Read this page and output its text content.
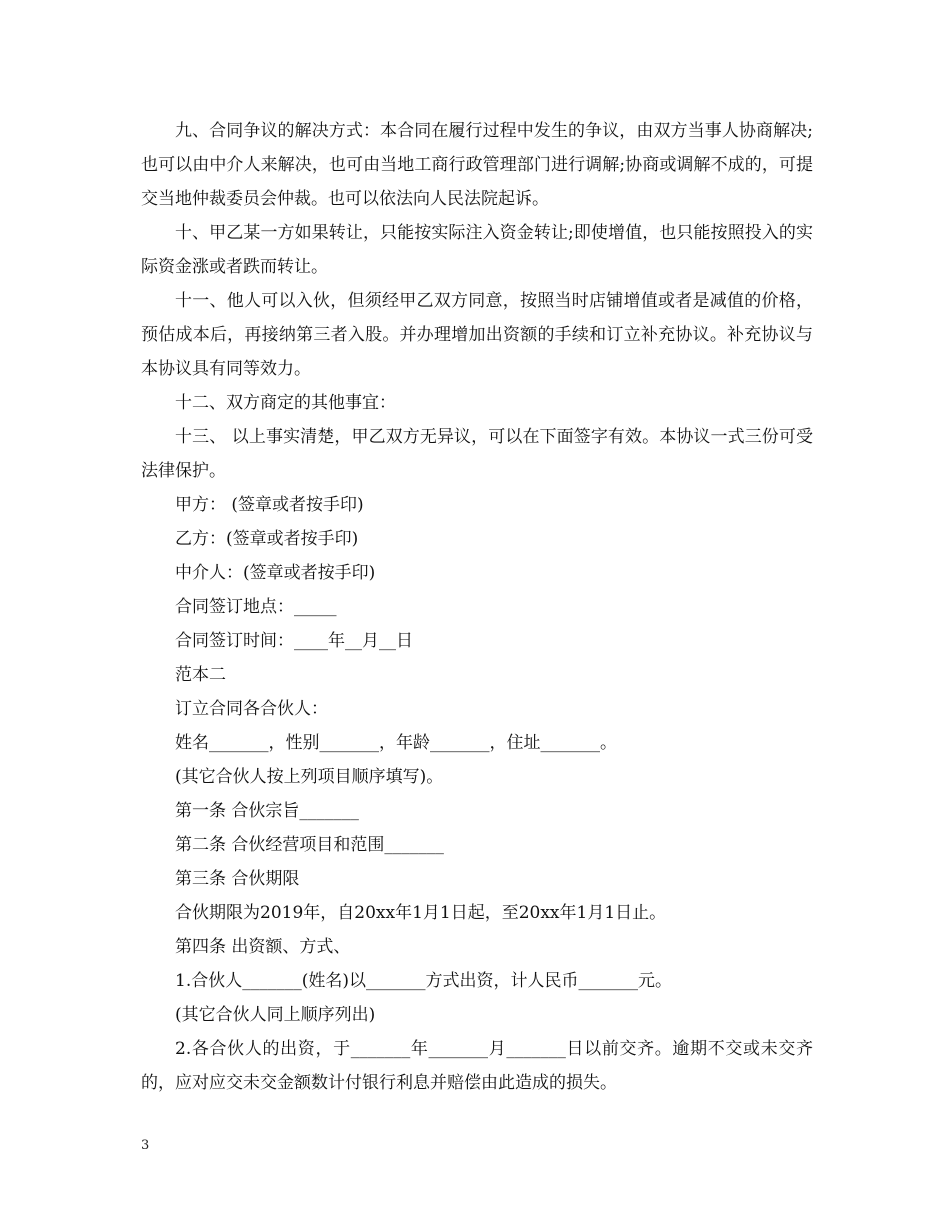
九、合同争议的解决方式：本合同在履行过程中发生的争议，由双方当事人协商解决;也可以由中介人来解决，也可由当地工商行政管理部门进行调解;协商或调解不成的，可提交当地仲裁委员会仲裁。也可以依法向人民法院起诉。

十、甲乙某一方如果转让，只能按实际注入资金转让;即使增值，也只能按照投入的实际资金涨或者跌而转让。

十一、他人可以入伙，但须经甲乙双方同意，按照当时店铺增值或者是减值的价格，预估成本后，再接纳第三者入股。并办理增加出资额的手续和订立补充协议。补充协议与本协议具有同等效力。

十二、双方商定的其他事宜：

十三、 以上事实清楚，甲乙双方无异议，可以在下面签字有效。本协议一式三份可受法律保护。

甲方： (签章或者按手印)

乙方：(签章或者按手印)

中介人：(签章或者按手印)

合同签订地点：_____

合同签订时间：____年__月__日

范本二

订立合同各合伙人：

姓名_______，性别_______，年龄_______，住址_______。

(其它合伙人按上列项目顺序填写)。

第一条 合伙宗旨_______

第二条 合伙经营项目和范围_______

第三条 合伙期限

合伙期限为2019年，自20xx年1月1日起，至20xx年1月1日止。

第四条 出资额、方式、

1.合伙人_______(姓名)以_______方式出资，计人民币_______元。

(其它合伙人同上顺序列出)

2.各合伙人的出资，于_______年_______月_______日以前交齐。逾期不交或未交齐的，应对应交未交金额数计付银行利息并赔偿由此造成的损失。

3
